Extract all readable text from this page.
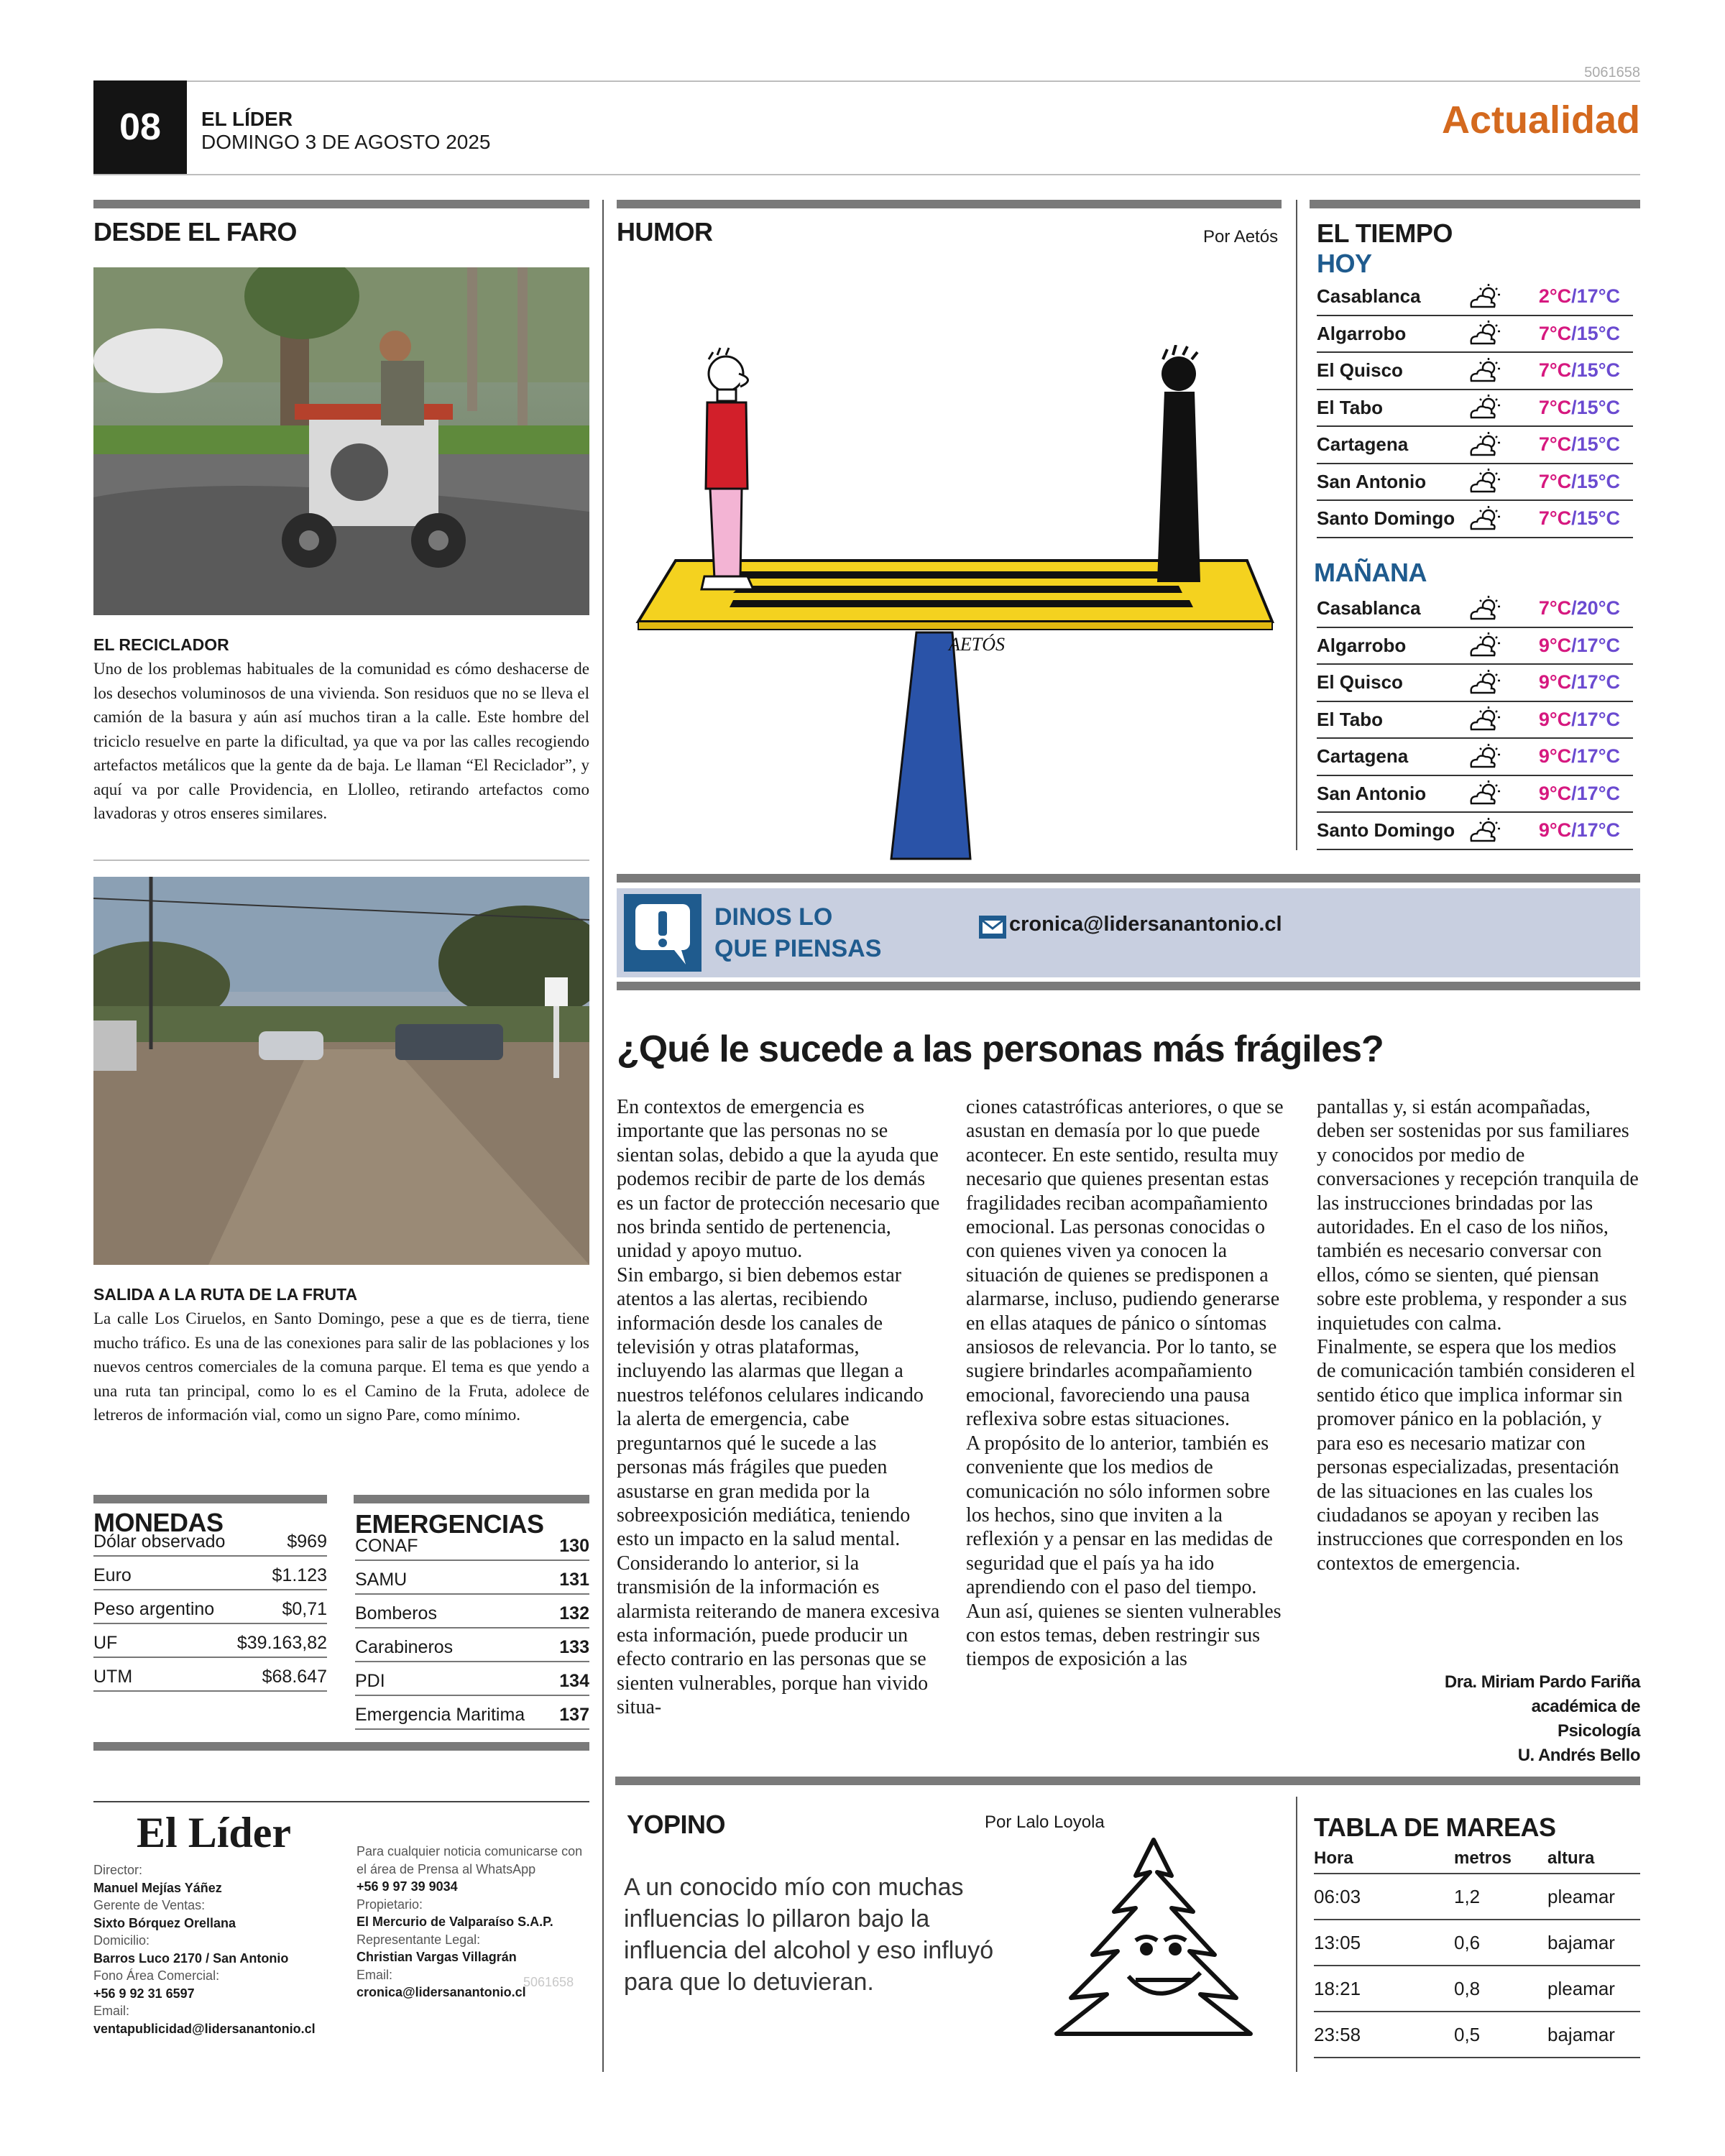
5061658
08	EL LÍDER
DOMINGO 3 DE AGOSTO 2025
Actualidad
DESDE EL FARO
EL RECICLADOR
Uno de los problemas habituales de la comunidad es cómo deshacerse de los desechos voluminosos de una vivienda. Son residuos que no se lleva el camión de la basura y aún así muchos tiran a la calle. Este hombre del triciclo resuelve en parte la dificultad, ya que va por las calles recogiendo artefactos metálicos que la gente da de baja. Le llaman “El Reciclador”, y aquí va por calle Providencia, en Llolleo, retirando artefactos como lavadoras y otros enseres similares.
SALIDA A LA RUTA DE LA FRUTA
La calle Los Ciruelos, en Santo Domingo, pese a que es de tierra, tiene mucho tráfico. Es una de las conexiones para salir de las poblaciones y los nuevos centros comerciales de la comuna parque. El tema es que yendo a una ruta tan principal, como lo es el Camino de la Fruta, adolece de letreros de información vial, como un signo Pare, como mínimo.
MONEDAS
Dólar observado	$969
Euro	$1.123
Peso argentino	$0,71
UF	$39.163,82
UTM	$68.647
EMERGENCIAS
CONAF	130
SAMU	131
Bomberos	132
Carabineros	133
PDI	134
Emergencia Maritima 137
HUMOR	Por Aetós
AETÓS
EL TIEMPO
HOY
Casablanca	2°C/17°C
Algarrobo	7°C/15°C
El Quisco	7°C/15°C
El Tabo	7°C/15°C
Cartagena	7°C/15°C
San Antonio	7°C/15°C
Santo Domingo	7°C/15°C
MAÑANA
Casablanca	7°C/20°C
Algarrobo	9°C/17°C
El Quisco	9°C/17°C
El Tabo	9°C/17°C
Cartagena	9°C/17°C
San Antonio	9°C/17°C
Santo Domingo	9°C/17°C
DINOS LO
QUE PIENSAS
cronica@lidersanantonio.cl
¿Qué le sucede a las personas más frágiles?

En contextos de emergencia es importante que las personas no se sientan solas, debido a que la ayuda que podemos recibir de parte de los demás es un factor de protección necesario que nos brinda sentido de pertenencia, unidad y apoyo mutuo.

Sin embargo, si bien debemos estar atentos a las alertas, recibiendo información desde los canales de televisión y otras plataformas, incluyendo las alarmas que llegan a nuestros teléfonos celulares indicando la alerta de emergencia, cabe preguntarnos qué le sucede a las personas más frágiles que pueden asustarse en gran medida por la sobreexposición mediática, teniendo esto un impacto en la salud mental.

Considerando lo anterior, si la transmisión de la información es alarmista reiterando de manera excesiva esta información, puede producir un efecto contrario en las personas que se sienten vulnerables, porque han vivido situa-

ciones catastróficas anteriores, o que se asustan en demasía por lo que puede acontecer. En este sentido, resulta muy necesario que quienes presentan estas fragilidades reciban acompañamiento emocional. Las personas conocidas o con quienes viven ya conocen la situación de quienes se predisponen a alarmarse, incluso, pudiendo generarse en ellas ataques de pánico o síntomas ansiosos de relevancia. Por lo tanto, se sugiere brindarles acompañamiento emocional, favoreciendo una pausa reflexiva sobre estas situaciones.

A propósito de lo anterior, también es conveniente que los medios de comunicación no sólo informen sobre los hechos, sino que inviten a la reflexión y a pensar en las medidas de seguridad que el país ya ha ido aprendiendo con el paso del tiempo. Aun así, quienes se sienten vulnerables con estos temas, deben restringir sus tiempos de exposición a las

pantallas y, si están acompañadas, deben ser sostenidas por sus familiares y conocidos por medio de conversaciones y recepción tranquila de las instrucciones brindadas por las autoridades. En el caso de los niños, también es necesario conversar con ellos, cómo se sienten, qué piensan sobre este problema, y responder a sus inquietudes con calma.

Finalmente, se espera que los medios de comunicación también consideren el sentido ético que implica informar sin promover pánico en la población, y para eso es necesario matizar con personas especializadas, presentación de las situaciones en las cuales los ciudadanos se apoyan y reciben las instrucciones que corresponden en los contextos de emergencia.

Dra. Miriam Pardo Fariña
académica de
Psicología
U. Andrés Bello
El Líder
Director:
Manuel Mejías Yáñez
Gerente de Ventas:
Sixto Bórquez Orellana
Domicilio:
Barros Luco 2170 / San Antonio
Fono Área Comercial:
+56 9 92 31 6597
Email:
ventapublicidad@lidersanantonio.cl
Para cualquier noticia comunicarse con el área de Prensa al WhatsApp
+56 9 97 39 9034
Propietario:
El Mercurio de Valparaíso S.A.P.
Representante Legal:
Christian Vargas Villagrán
Email:
cronica@lidersanantonio.cl
5061658
YOPINO	Por Lalo Loyola
A un conocido mío con muchas influencias lo pillaron bajo la influencia del alcohol y eso influyó para que lo detuvieran.
TABLA DE MAREAS
Hora	metros	altura
06:03	1,2	pleamar
13:05	0,6	bajamar
18:21	0,8	pleamar
23:58	0,5	bajamar
